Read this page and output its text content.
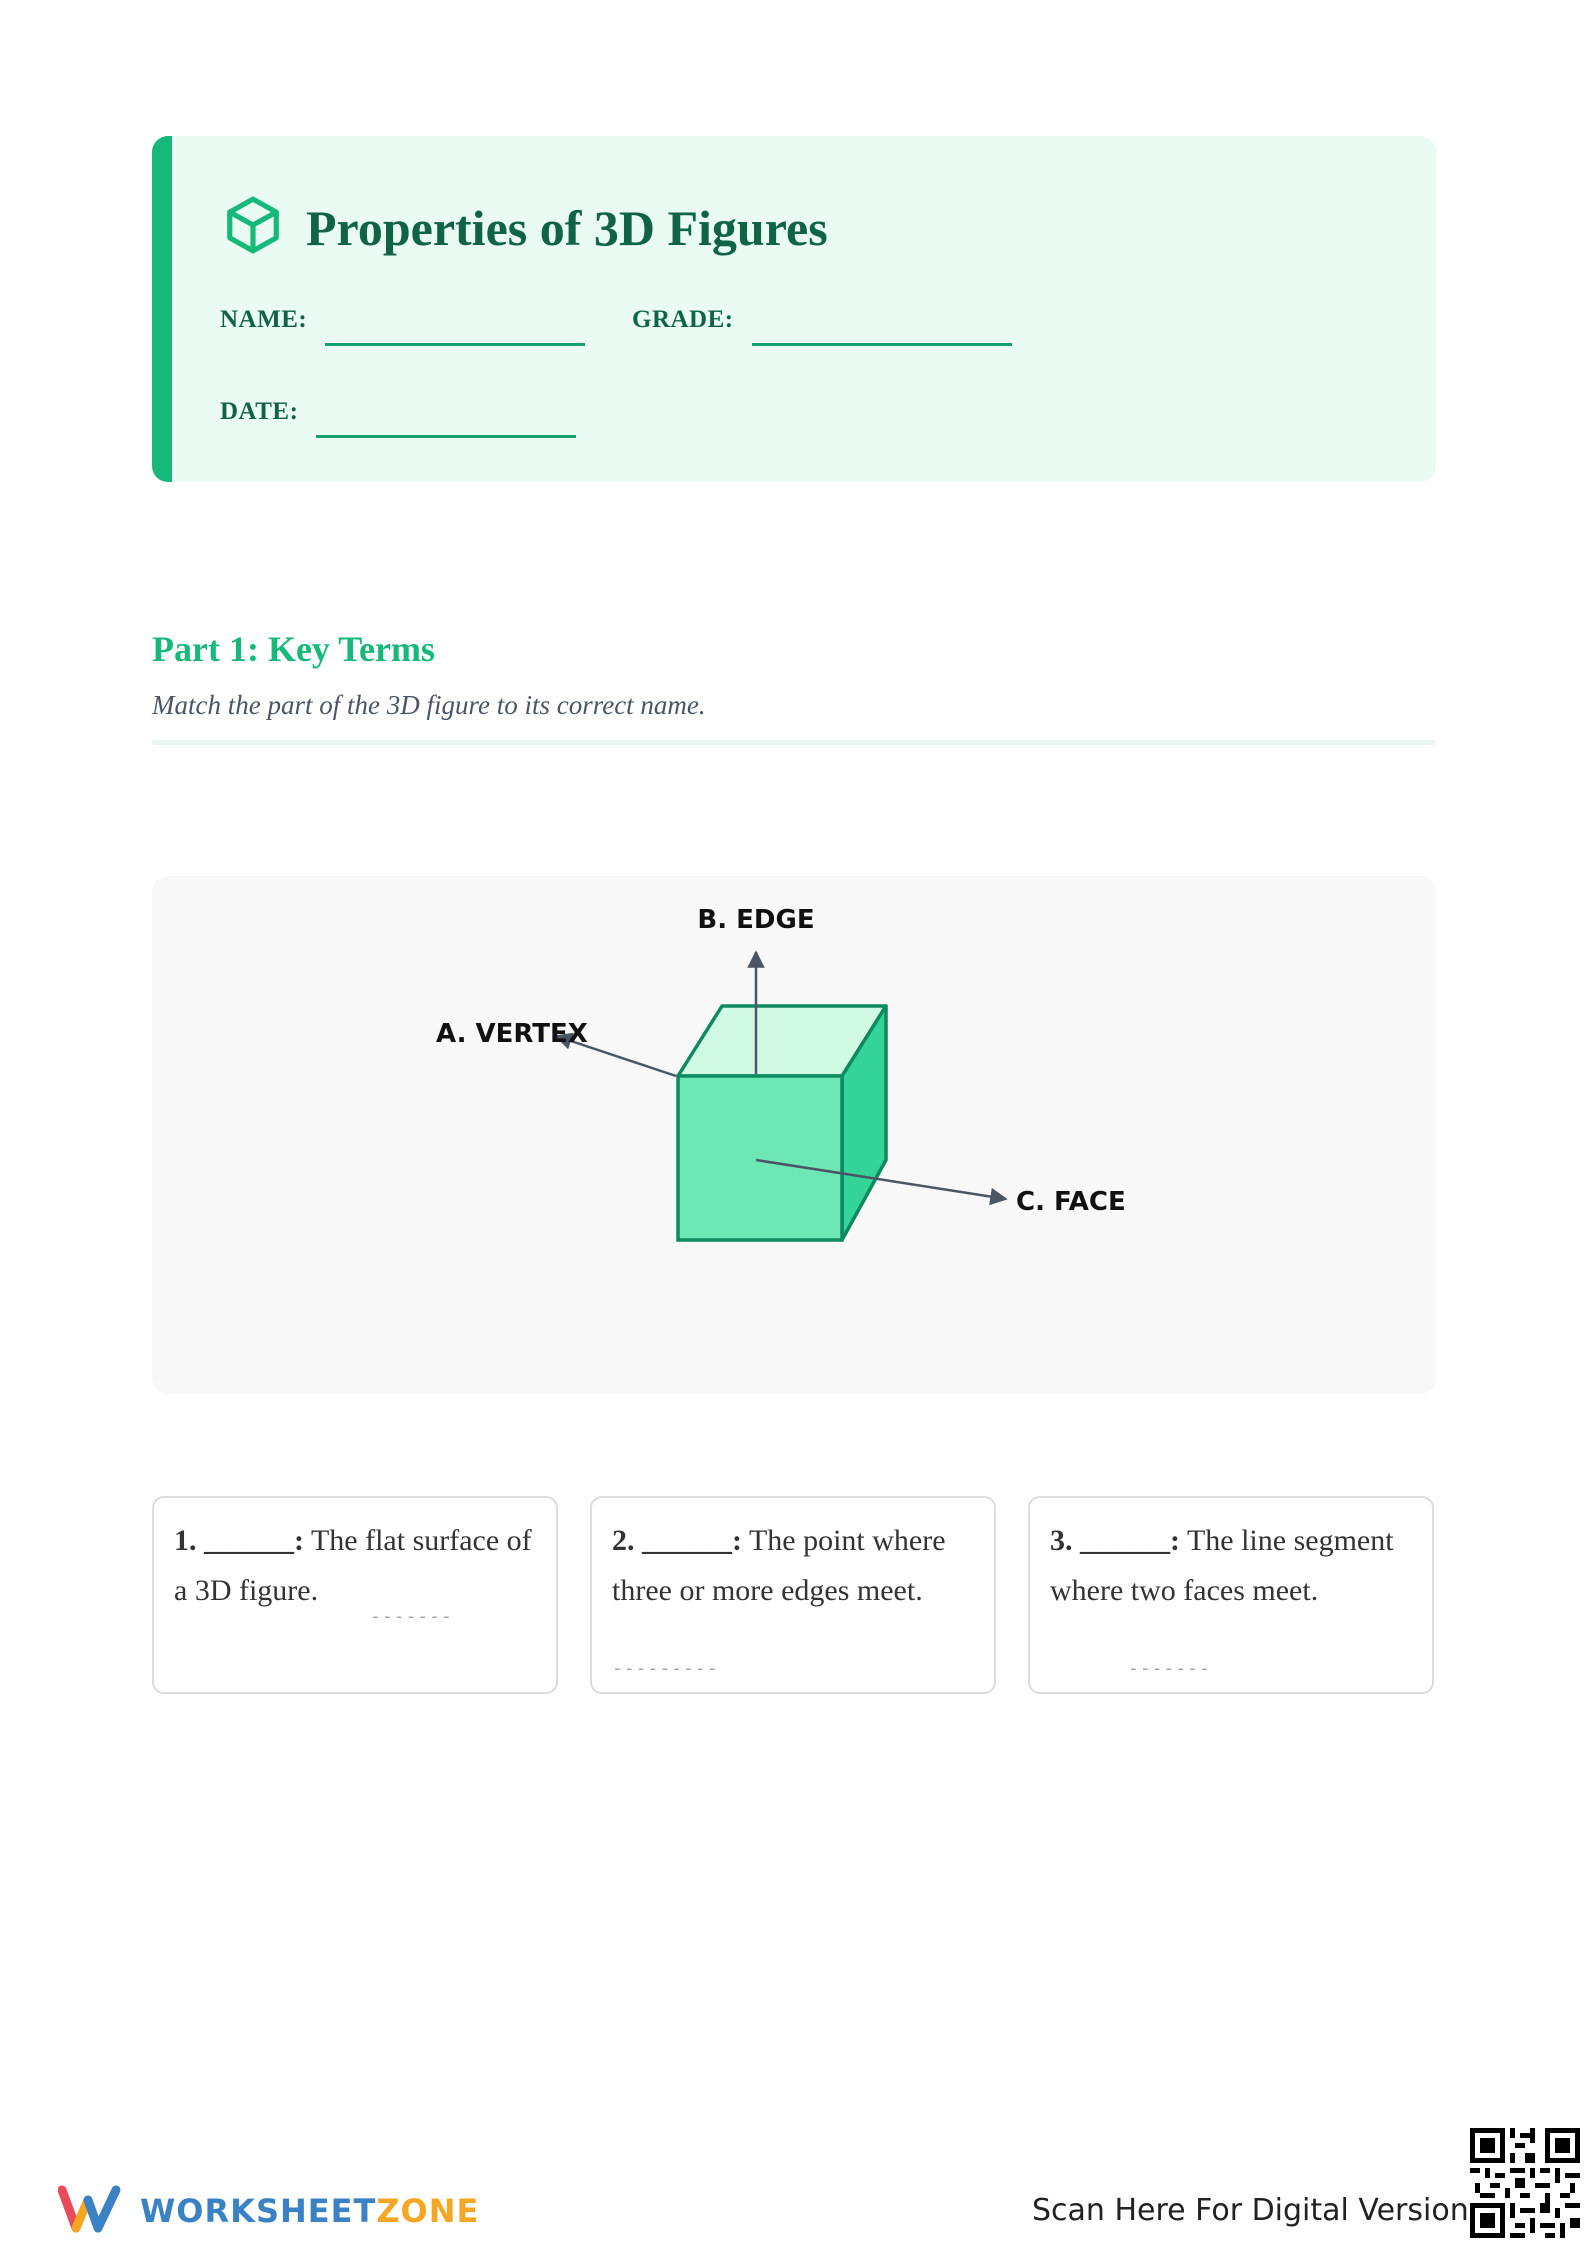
Properties of 3D Figures
NAME:	GRADE:
DATE:
Part 1: Key Terms

Match the part of the 3D figure to its correct name.

B. EDGE
A. VERTEX
C. FACE
1. ______: The flat surface of a 3D figure.
-------
2. ______: The point where three or more edges meet.
---------
3. ______: The line segment where two faces meet.
-------
WORKSHEETZONE	Scan Here For Digital Version
